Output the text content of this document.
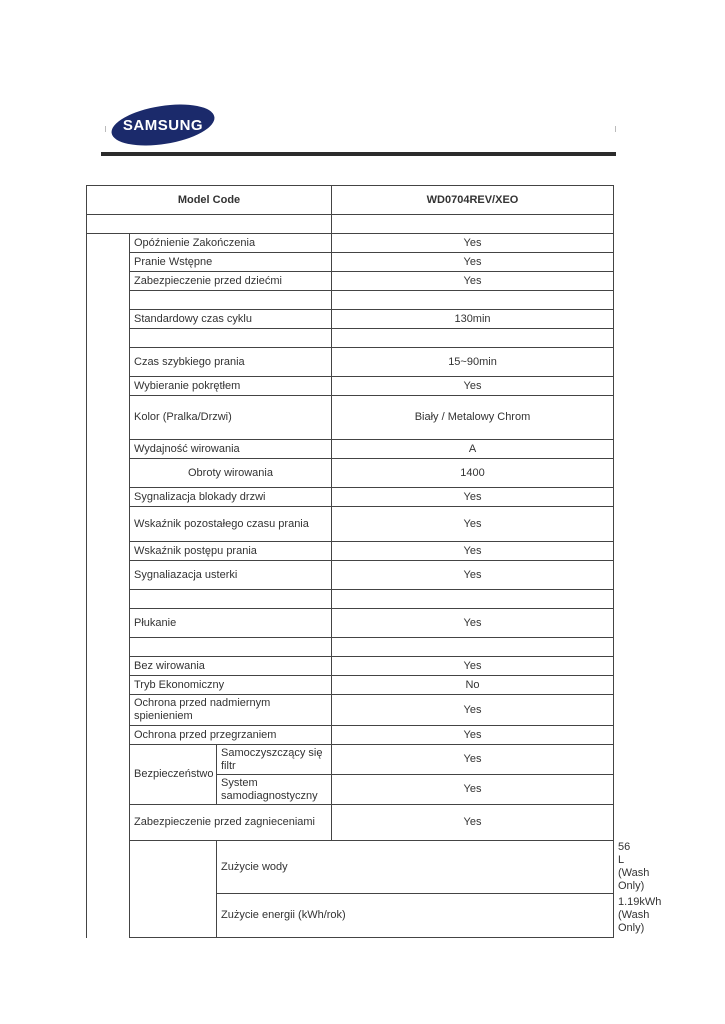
SAMSUNG
Model Code			WD0704REV/XEO	

	Opóźnienie Zakończenia		Yes	
	Pranie Wstępne		Yes	
	Zabezpieczenie przed dziećmi		Yes	

	Standardowy czas cyklu		130min	

	Czas szybkiego prania		15~90min	
	Wybieranie pokrętłem		Yes	
	Kolor (Pralka/Drzwi)		Biały / Metalowy Chrom	
	Wydajność wirowania		A	
	Obroty wirowania		1400	
	Sygnalizacja blokady drzwi		Yes	
	Wskaźnik pozostałego czasu prania		Yes	
	Wskaźnik postępu prania		Yes	
	Sygnaliazacja usterki		Yes	

	Płukanie		Yes	

	Bez wirowania		Yes	
	Tryb Ekonomiczny		No	
	Ochrona przed nadmiernym spienieniem		Yes	
	Ochrona przed przegrzaniem		Yes	
	Bezpieczeństwo	Samoczyszczący się filtr	Yes	
		System samodiagnostyczny	Yes	
	Zabezpieczenie przed zagnieceniami		Yes	
		Zużycie wody		56 L (Wash Only)
		Zużycie energii (kWh/rok)		1.19kWh (Wash Only)
